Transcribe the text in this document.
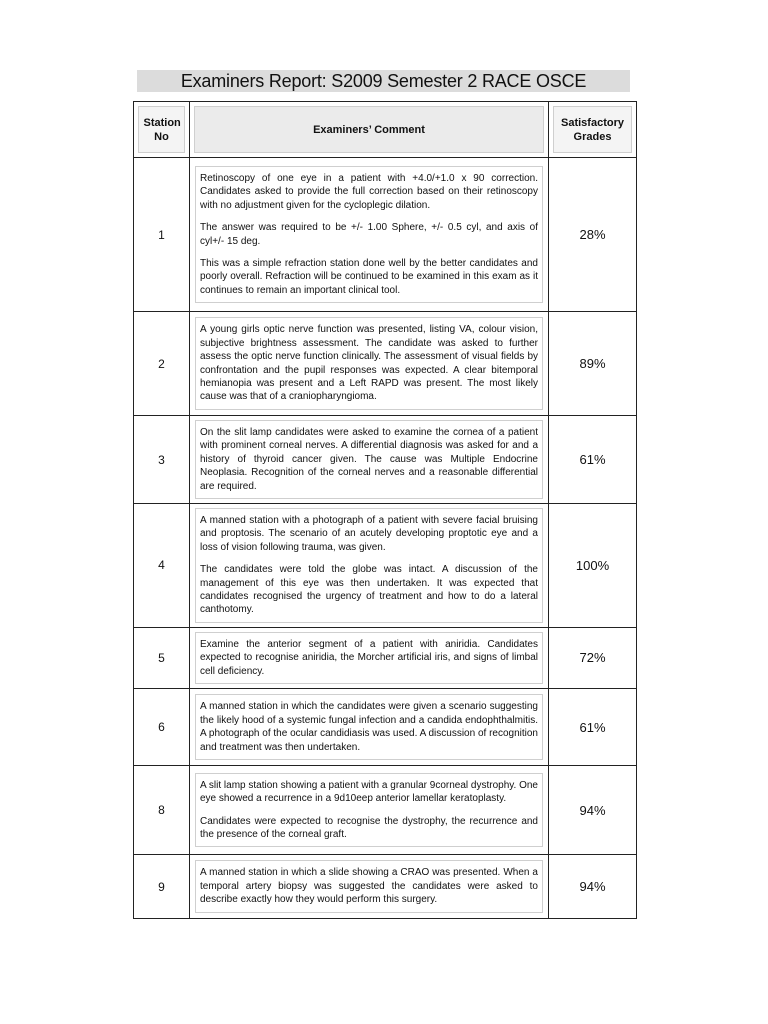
Examiners Report: S2009 Semester 2 RACE OSCE
Station No	Examiners’ Comment	Satisfactory Grades

1	Retinoscopy of one eye in a patient with +4.0/+1.0 x 90 correction. Candidates asked to provide the full correction based on their retinoscopy with no adjustment given for the cycloplegic dilation.

The answer was required to be +/- 1.00 Sphere, +/- 0.5 cyl, and axis of cyl+/- 15 deg.

This was a simple refraction station done well by the better candidates and poorly overall. Refraction will be continued to be examined in this exam as it continues to remain an important clinical tool.	28%
2	A young girls optic nerve function was presented, listing VA, colour vision, subjective brightness assessment. The candidate was asked to further assess the optic nerve function clinically. The assessment of visual fields by confrontation and the pupil responses was expected. A clear bitemporal hemianopia was present and a Left RAPD was present. The most likely cause was that of a craniopharyngioma.	89%
3	On the slit lamp candidates were asked to examine the cornea of a patient with prominent corneal nerves. A differential diagnosis was asked for and a history of thyroid cancer given. The cause was Multiple Endocrine Neoplasia. Recognition of the corneal nerves and a reasonable differential are required.	61%
4	A manned station with a photograph of a patient with severe facial bruising and proptosis. The scenario of an acutely developing proptotic eye and a loss of vision following trauma, was given.

The candidates were told the globe was intact. A discussion of the management of this eye was then undertaken. It was expected that candidates recognised the urgency of treatment and how to do a lateral canthotomy.	100%
5	Examine the anterior segment of a patient with aniridia. Candidates expected to recognise aniridia, the Morcher artificial iris, and signs of limbal cell deficiency.	72%
6	A manned station in which the candidates were given a scenario suggesting the likely hood of a systemic fungal infection and a candida endophthalmitis. A photograph of the ocular candidiasis was used. A discussion of recognition and treatment was then undertaken.	61%
8	A slit lamp station showing a patient with a granular 9corneal dystrophy. One eye showed a recurrence in a 9d10eep anterior lamellar keratoplasty.

Candidates were expected to recognise the dystrophy, the recurrence and the presence of the corneal graft.	94%
9	A manned station in which a slide showing a CRAO was presented. When a temporal artery biopsy was suggested the candidates were asked to describe exactly how they would perform this surgery.	94%
